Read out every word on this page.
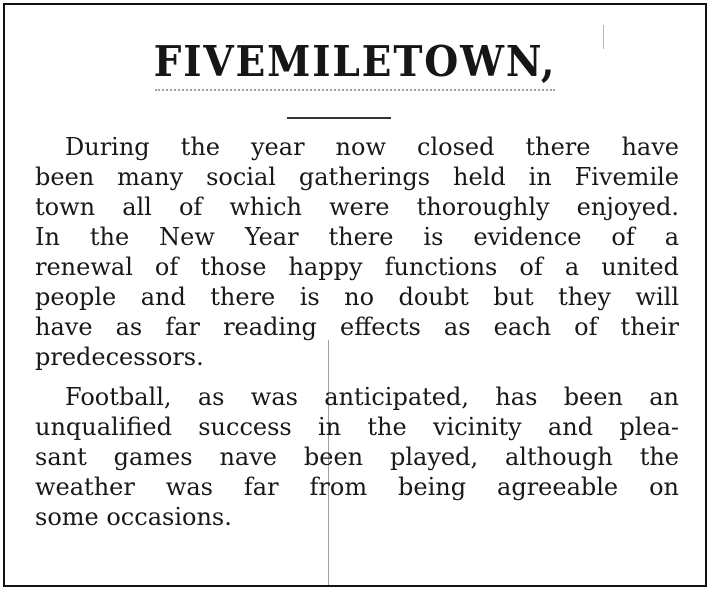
FIVEMILETOWN,
During the year now closed there have
been many social gatherings held in Fivemile
town all of which were thoroughly enjoyed.
In the New Year there is evidence of a
renewal of those happy functions of a united
people and there is no doubt but they will
have as far reading effects as each of their
predecessors.
Football, as was anticipated, has been an
unqualified success in the vicinity and plea-
sant games nave been played, although the
weather was far from being agreeable on
some occasions.
